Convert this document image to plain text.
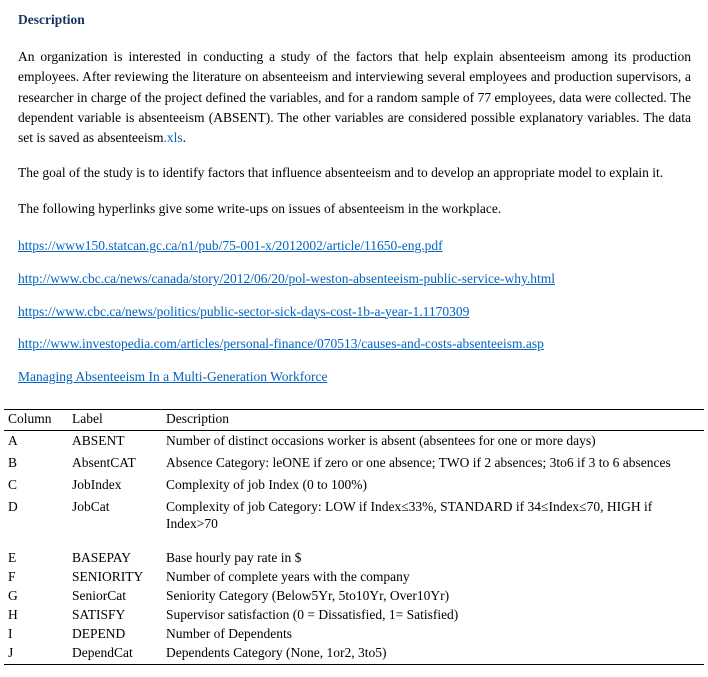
Description

An organization is interested in conducting a study of the factors that help explain absenteeism among its production employees. After reviewing the literature on absenteeism and interviewing several employees and production supervisors, a researcher in charge of the project defined the variables, and for a random sample of 77 employees, data were collected. The dependent variable is absenteeism (ABSENT). The other variables are considered possible explanatory variables. The data set is saved as absenteeism.xls.

The goal of the study is to identify factors that influence absenteeism and to develop an appropriate model to explain it.

The following hyperlinks give some write-ups on issues of absenteeism in the workplace.

https://www150.statcan.gc.ca/n1/pub/75-001-x/2012002/article/11650-eng.pdf
http://www.cbc.ca/news/canada/story/2012/06/20/pol-weston-absenteeism-public-service-why.html
https://www.cbc.ca/news/politics/public-sector-sick-days-cost-1b-a-year-1.1170309
http://www.investopedia.com/articles/personal-finance/070513/causes-and-costs-absenteeism.asp
Managing Absenteeism In a Multi-Generation Workforce
Column	Label	Description
A	ABSENT	Number of distinct occasions worker is absent (absentees for one or more days)
B	AbsentCAT	Absence Category: leONE if zero or one absence; TWO if 2 absences; 3to6 if 3 to 6 absences
C	JobIndex	Complexity of job Index (0 to 100%)
D	JobCat	Complexity of job Category: LOW if Index≤33%, STANDARD if 34≤Index≤70, HIGH if Index>70
E	BASEPAY	Base hourly pay rate in $
F	SENIORITY	Number of complete years with the company
G	SeniorCat	Seniority Category (Below5Yr, 5to10Yr, Over10Yr)
H	SATISFY	Supervisor satisfaction (0 = Dissatisfied, 1= Satisfied)
I	DEPEND	Number of Dependents
J	DependCat	Dependents Category (None, 1or2, 3to5)
